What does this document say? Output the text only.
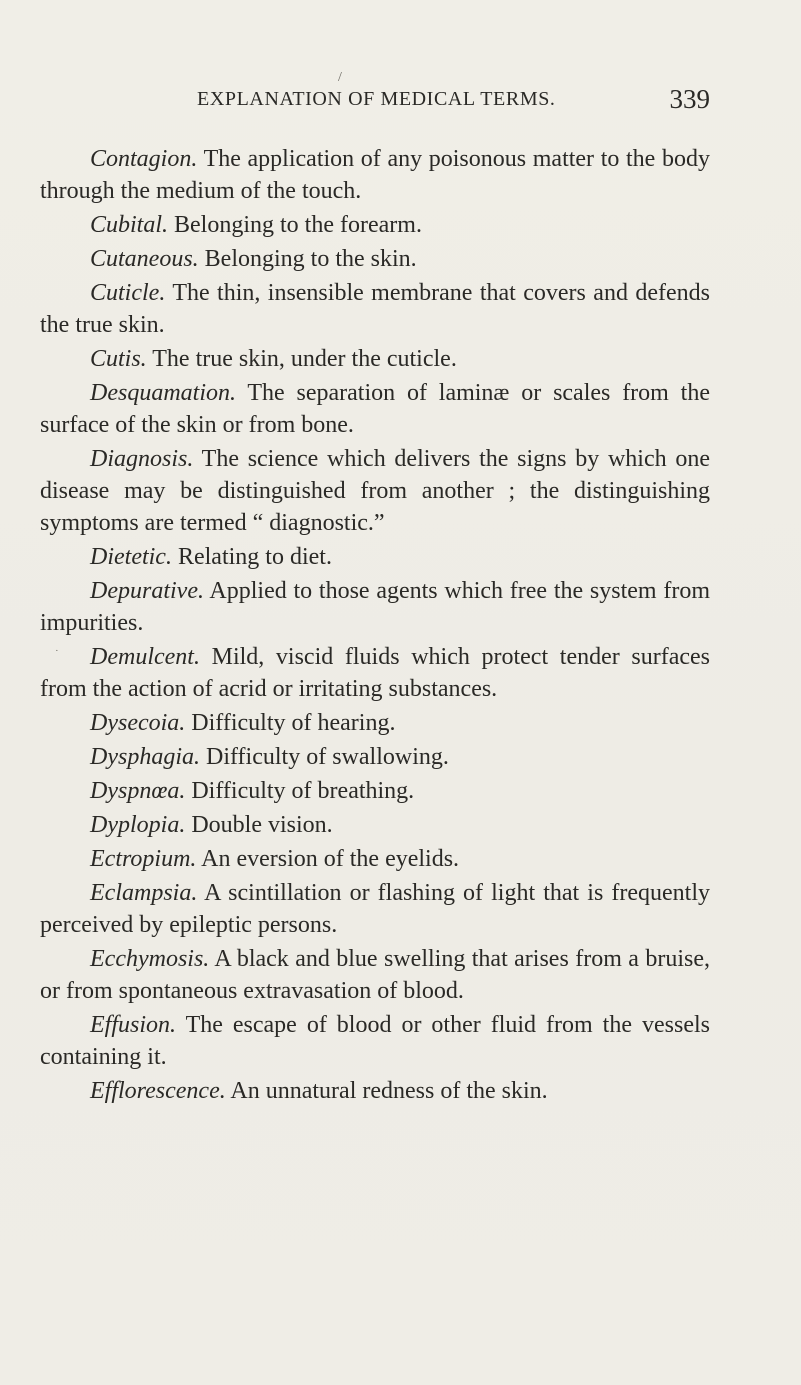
EXPLANATION OF MEDICAL TERMS.	339
/
˙

Contagion. The application of any poisonous matter to the body through the medium of the touch.

Cubital. Belonging to the forearm.

Cutaneous. Belonging to the skin.

Cuticle. The thin, insensible membrane that covers and defends the true skin.

Cutis. The true skin, under the cuticle.

Desquamation. The separation of laminæ or scales from the surface of the skin or from bone.

Diagnosis. The science which delivers the signs by which one disease may be distinguished from another ; the distinguishing symptoms are termed “ diagnostic.”

Dietetic. Relating to diet.

Depurative. Applied to those agents which free the system from impurities.

Demulcent. Mild, viscid fluids which protect tender surfaces from the action of acrid or irritating substances.

Dysecoia. Difficulty of hearing.

Dysphagia. Difficulty of swallowing.

Dyspnœa. Difficulty of breathing.

Dyplopia. Double vision.

Ectropium. An eversion of the eyelids.

Eclampsia. A scintillation or flashing of light that is frequently perceived by epileptic persons.

Ecchymosis. A black and blue swelling that arises from a bruise, or from spontaneous extravasation of blood.

Effusion. The escape of blood or other fluid from the vessels containing it.

Efflorescence. An unnatural redness of the skin.
